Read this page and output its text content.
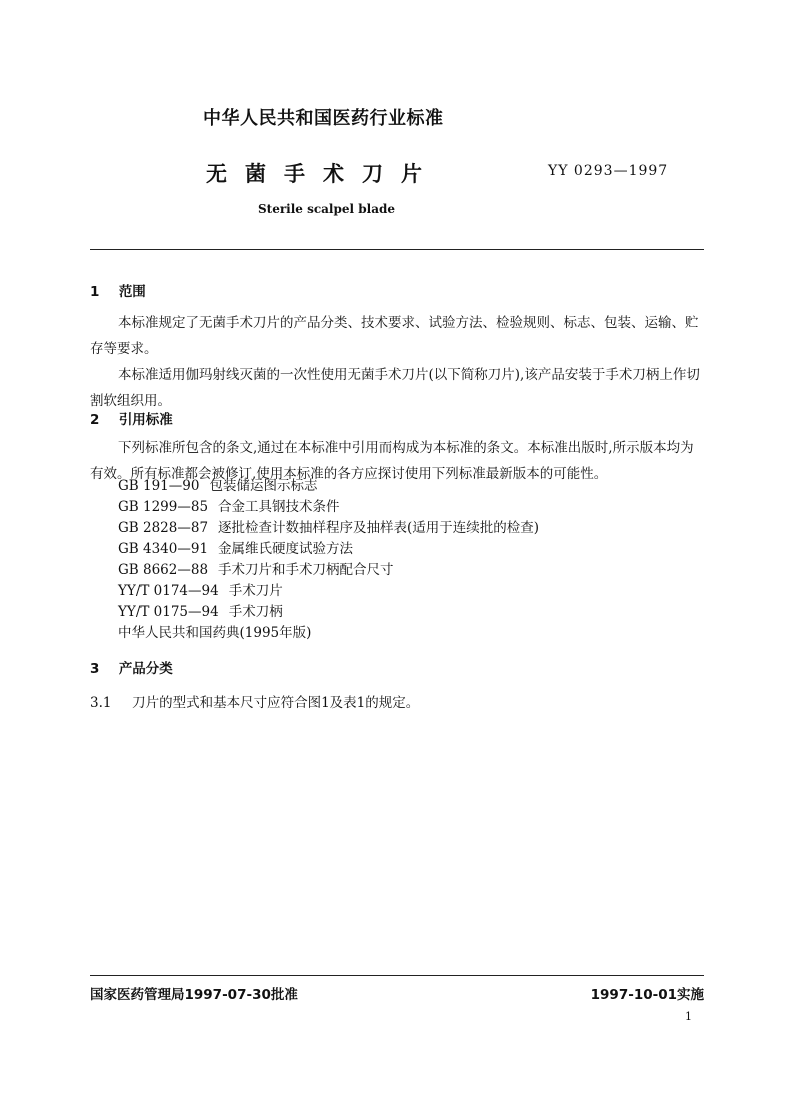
中华人民共和国医药行业标准
无菌手术刀片	YY 0293—1997
Sterile scalpel blade
1 范围

本标准规定了无菌手术刀片的产品分类、技术要求、试验方法、检验规则、标志、包装、运输、贮存等要求。

本标准适用伽玛射线灭菌的一次性使用无菌手术刀片(以下简称刀片),该产品安装于手术刀柄上作切割软组织用。

2 引用标准

下列标准所包含的条文,通过在本标准中引用而构成为本标准的条文。本标准出版时,所示版本均为有效。所有标准都会被修订,使用本标准的各方应探讨使用下列标准最新版本的可能性。

GB 191—90 包装储运图示标志
GB 1299—85 合金工具钢技术条件
GB 2828—87 逐批检查计数抽样程序及抽样表(适用于连续批的检查)
GB 4340—91 金属维氏硬度试验方法
GB 8662—88 手术刀片和手术刀柄配合尺寸
YY/T 0174—94 手术刀片
YY/T 0175—94 手术刀柄
中华人民共和国药典(1995年版)
3 产品分类
3.1 刀片的型式和基本尺寸应符合图1及表1的规定。
国家医药管理局1997-07-30批准	1997-10-01实施
1
